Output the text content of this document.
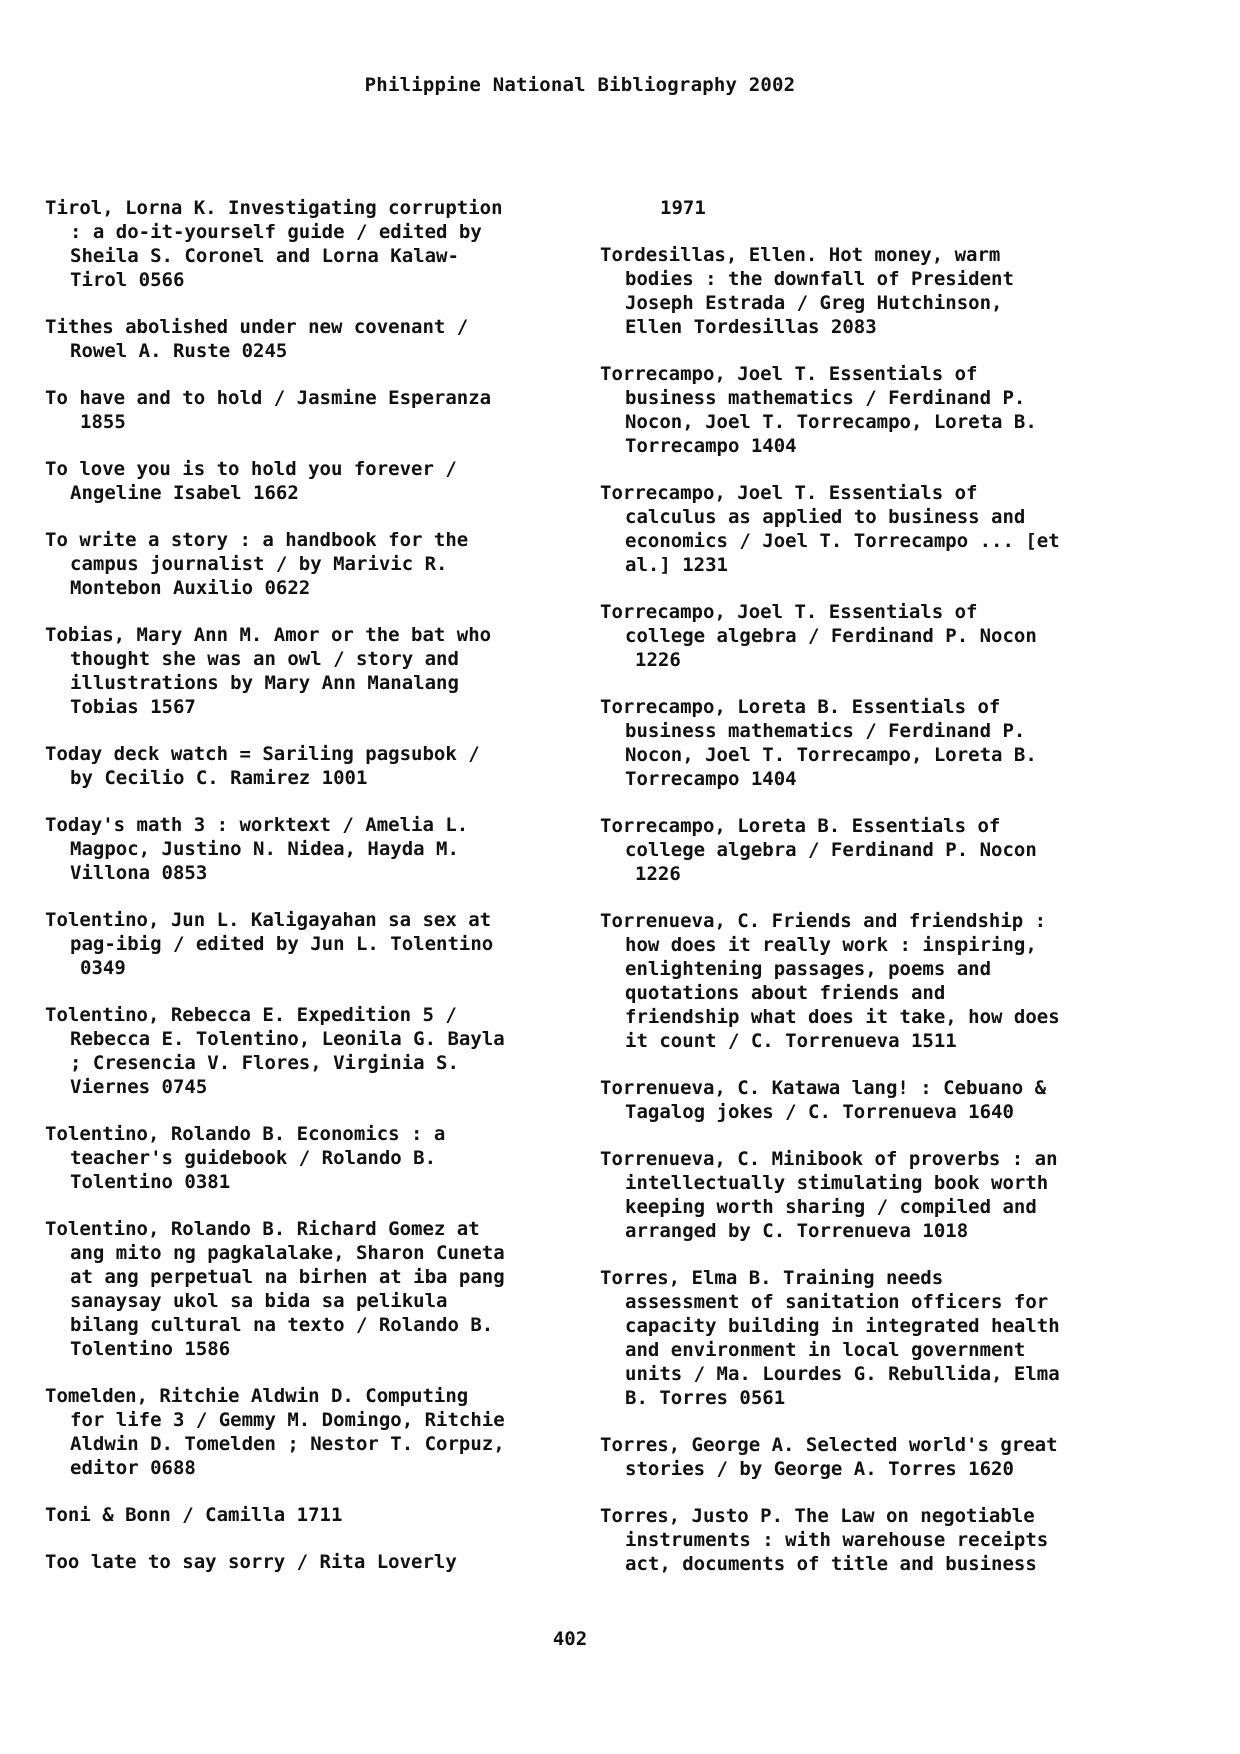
Philippine National Bibliography 2002

Tirol, Lorna K. Investigating corruption
: a do-it-yourself guide / edited by
Sheila S. Coronel and Lorna Kalaw-
Tirol 0566

Tithes abolished under new covenant /
Rowel A. Ruste 0245

To have and to hold / Jasmine Esperanza
1855

To love you is to hold you forever /
Angeline Isabel 1662

To write a story : a handbook for the
campus journalist / by Marivic R.
Montebon Auxilio 0622

Tobias, Mary Ann M. Amor or the bat who
thought she was an owl / story and
illustrations by Mary Ann Manalang
Tobias 1567

Today deck watch = Sariling pagsubok /
by Cecilio C. Ramirez 1001

Today's math 3 : worktext / Amelia L.
Magpoc, Justino N. Nidea, Hayda M.
Villona 0853

Tolentino, Jun L. Kaligayahan sa sex at
pag-ibig / edited by Jun L. Tolentino
0349

Tolentino, Rebecca E. Expedition 5 /
Rebecca E. Tolentino, Leonila G. Bayla
; Cresencia V. Flores, Virginia S.
Viernes 0745

Tolentino, Rolando B. Economics : a
teacher's guidebook / Rolando B.
Tolentino 0381

Tolentino, Rolando B. Richard Gomez at
ang mito ng pagkalalake, Sharon Cuneta
at ang perpetual na birhen at iba pang
sanaysay ukol sa bida sa pelikula
bilang cultural na texto / Rolando B.
Tolentino 1586

Tomelden, Ritchie Aldwin D. Computing
for life 3 / Gemmy M. Domingo, Ritchie
Aldwin D. Tomelden ; Nestor T. Corpuz,
editor 0688

Toni & Bonn / Camilla 1711

Too late to say sorry / Rita Loverly

1971

Tordesillas, Ellen. Hot money, warm
bodies : the downfall of President
Joseph Estrada / Greg Hutchinson,
Ellen Tordesillas 2083

Torrecampo, Joel T. Essentials of
business mathematics / Ferdinand P.
Nocon, Joel T. Torrecampo, Loreta B.
Torrecampo 1404

Torrecampo, Joel T. Essentials of
calculus as applied to business and
economics / Joel T. Torrecampo ... [et
al.] 1231

Torrecampo, Joel T. Essentials of
college algebra / Ferdinand P. Nocon
1226

Torrecampo, Loreta B. Essentials of
business mathematics / Ferdinand P.
Nocon, Joel T. Torrecampo, Loreta B.
Torrecampo 1404

Torrecampo, Loreta B. Essentials of
college algebra / Ferdinand P. Nocon
1226

Torrenueva, C. Friends and friendship :
how does it really work : inspiring,
enlightening passages, poems and
quotations about friends and
friendship what does it take, how does
it count / C. Torrenueva 1511

Torrenueva, C. Katawa lang! : Cebuano &
Tagalog jokes / C. Torrenueva 1640

Torrenueva, C. Minibook of proverbs : an
intellectually stimulating book worth
keeping worth sharing / compiled and
arranged by C. Torrenueva 1018

Torres, Elma B. Training needs
assessment of sanitation officers for
capacity building in integrated health
and environment in local government
units / Ma. Lourdes G. Rebullida, Elma
B. Torres 0561

Torres, George A. Selected world's great
stories / by George A. Torres 1620

Torres, Justo P. The Law on negotiable
instruments : with warehouse receipts
act, documents of title and business

402
